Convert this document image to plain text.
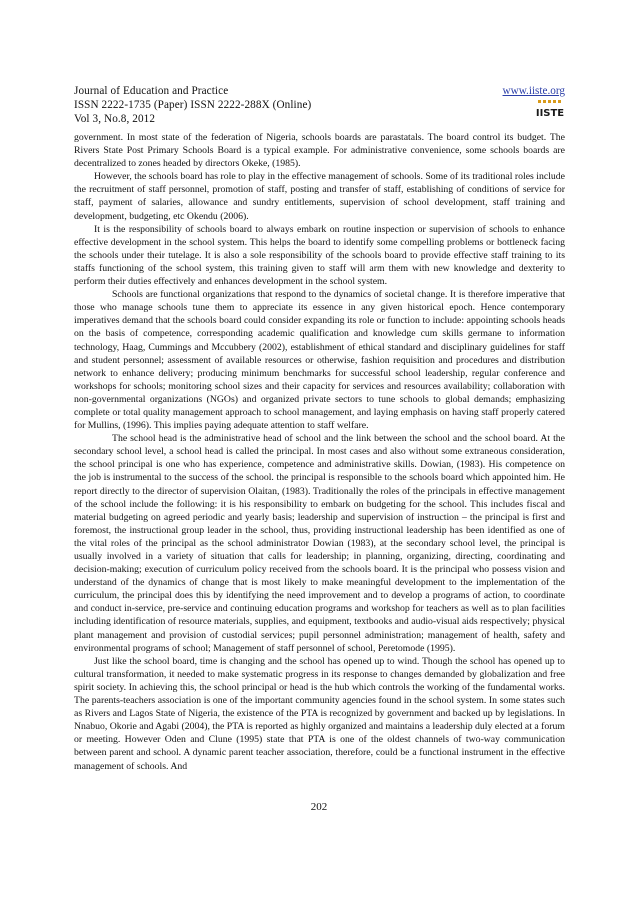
Journal of Education and Practice
ISSN 2222-1735 (Paper) ISSN 2222-288X (Online)
Vol 3, No.8, 2012
www.iiste.org
IISTE

government. In most state of the federation of Nigeria, schools boards are parastatals. The board control its budget. The Rivers State Post Primary Schools Board is a typical example. For administrative convenience, some schools boards are decentralized to zones headed by directors Okeke, (1985).

However, the schools board has role to play in the effective management of schools. Some of its traditional roles include the recruitment of staff personnel, promotion of staff, posting and transfer of staff, establishing of conditions of service for staff, payment of salaries, allowance and sundry entitlements, supervision of school development, staff training and development, budgeting, etc Okendu (2006).

It is the responsibility of schools board to always embark on routine inspection or supervision of schools to enhance effective development in the school system. This helps the board to identify some compelling problems or bottleneck facing the schools under their tutelage. It is also a sole responsibility of the schools board to provide effective staff training to its staffs functioning of the school system, this training given to staff will arm them with new knowledge and dexterity to perform their duties effectively and enhances development in the school system.

Schools are functional organizations that respond to the dynamics of societal change. It is therefore imperative that those who manage schools tune them to appreciate its essence in any given historical epoch. Hence contemporary imperatives demand that the schools board could consider expanding its role or function to include: appointing schools heads on the basis of competence, corresponding academic qualification and knowledge cum skills germane to information technology, Haag, Cummings and Mccubbery (2002), establishment of ethical standard and disciplinary guidelines for staff and student personnel; assessment of available resources or otherwise, fashion requisition and procedures and distribution network to enhance delivery; producing minimum benchmarks for successful school leadership, regular conference and workshops for schools; monitoring school sizes and their capacity for services and resources availability; collaboration with non-governmental organizations (NGOs) and organized private sectors to tune schools to global demands; emphasizing complete or total quality management approach to school management, and laying emphasis on having staff properly catered for Mullins, (1996). This implies paying adequate attention to staff welfare.

The school head is the administrative head of school and the link between the school and the school board. At the secondary school level, a school head is called the principal. In most cases and also without some extraneous consideration, the school principal is one who has experience, competence and administrative skills. Dowian, (1983). His competence on the job is instrumental to the success of the school. the principal is responsible to the schools board which appointed him. He report directly to the director of supervision Olaitan, (1983). Traditionally the roles of the principals in effective management of the school include the following: it is his responsibility to embark on budgeting for the school. This includes fiscal and material budgeting on agreed periodic and yearly basis; leadership and supervision of instruction – the principal is first and foremost, the instructional group leader in the school, thus, providing instructional leadership has been identified as one of the vital roles of the principal as the school administrator Dowian (1983), at the secondary school level, the principal is usually involved in a variety of situation that calls for leadership; in planning, organizing, directing, coordinating and decision-making; execution of curriculum policy received from the schools board. It is the principal who possess vision and understand of the dynamics of change that is most likely to make meaningful development to the implementation of the curriculum, the principal does this by identifying the need improvement and to develop a programs of action, to coordinate and conduct in-service, pre-service and continuing education programs and workshop for teachers as well as to plan facilities including identification of resource materials, supplies, and equipment, textbooks and audio-visual aids respectively; physical plant management and provision of custodial services; pupil personnel administration; management of health, safety and environmental programs of school; Management of staff personnel of school, Peretomode (1995).

Just like the school board, time is changing and the school has opened up to wind. Though the school has opened up to cultural transformation, it needed to make systematic progress in its response to changes demanded by globalization and free spirit society. In achieving this, the school principal or head is the hub which controls the working of the fundamental works. The parents-teachers association is one of the important community agencies found in the school system. In some states such as Rivers and Lagos State of Nigeria, the existence of the PTA is recognized by government and backed up by legislations. In Nnabuo, Okorie and Agabi (2004), the PTA is reported as highly organized and maintains a leadership duly elected at a forum or meeting. However Oden and Clune (1995) state that PTA is one of the oldest channels of two-way communication between parent and school. A dynamic parent teacher association, therefore, could be a functional instrument in the effective management of schools. And

202
